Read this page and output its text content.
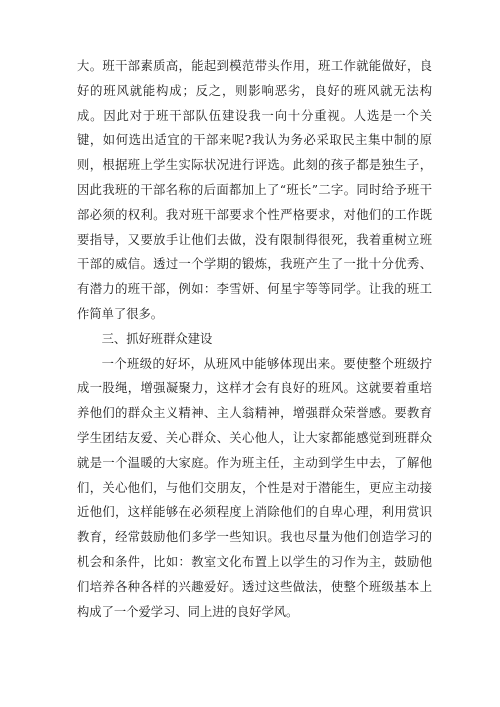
大。班干部素质高，能起到模范带头作用，班工作就能做好，良好的班风就能构成；反之，则影响恶劣，良好的班风就无法构成。因此对于班干部队伍建设我一向十分重视。人选是一个关键，如何选出适宜的干部来呢?我认为务必采取民主集中制的原则，根据班上学生实际状况进行评选。此刻的孩子都是独生子，因此我班的干部名称的后面都加上了“班长”二字。同时给予班干部必须的权利。我对班干部要求个性严格要求，对他们的工作既要指导，又要放手让他们去做，没有限制得很死，我着重树立班干部的威信。透过一个学期的锻炼，我班产生了一批十分优秀、有潜力的班干部，例如：李雪妍、何星宇等等同学。让我的班工作简单了很多。

三、抓好班群众建设

一个班级的好坏，从班风中能够体现出来。要使整个班级拧成一股绳，增强凝聚力，这样才会有良好的班风。这就要着重培养他们的群众主义精神、主人翁精神，增强群众荣誉感。要教育学生团结友爱、关心群众、关心他人，让大家都能感觉到班群众就是一个温暖的大家庭。作为班主任，主动到学生中去，了解他们，关心他们，与他们交朋友，个性是对于潜能生，更应主动接近他们，这样能够在必须程度上消除他们的自卑心理，利用赏识教育，经常鼓励他们多学一些知识。我也尽量为他们创造学习的机会和条件，比如：教室文化布置上以学生的习作为主，鼓励他们培养各种各样的兴趣爱好。透过这些做法，使整个班级基本上构成了一个爱学习、同上进的良好学风。
